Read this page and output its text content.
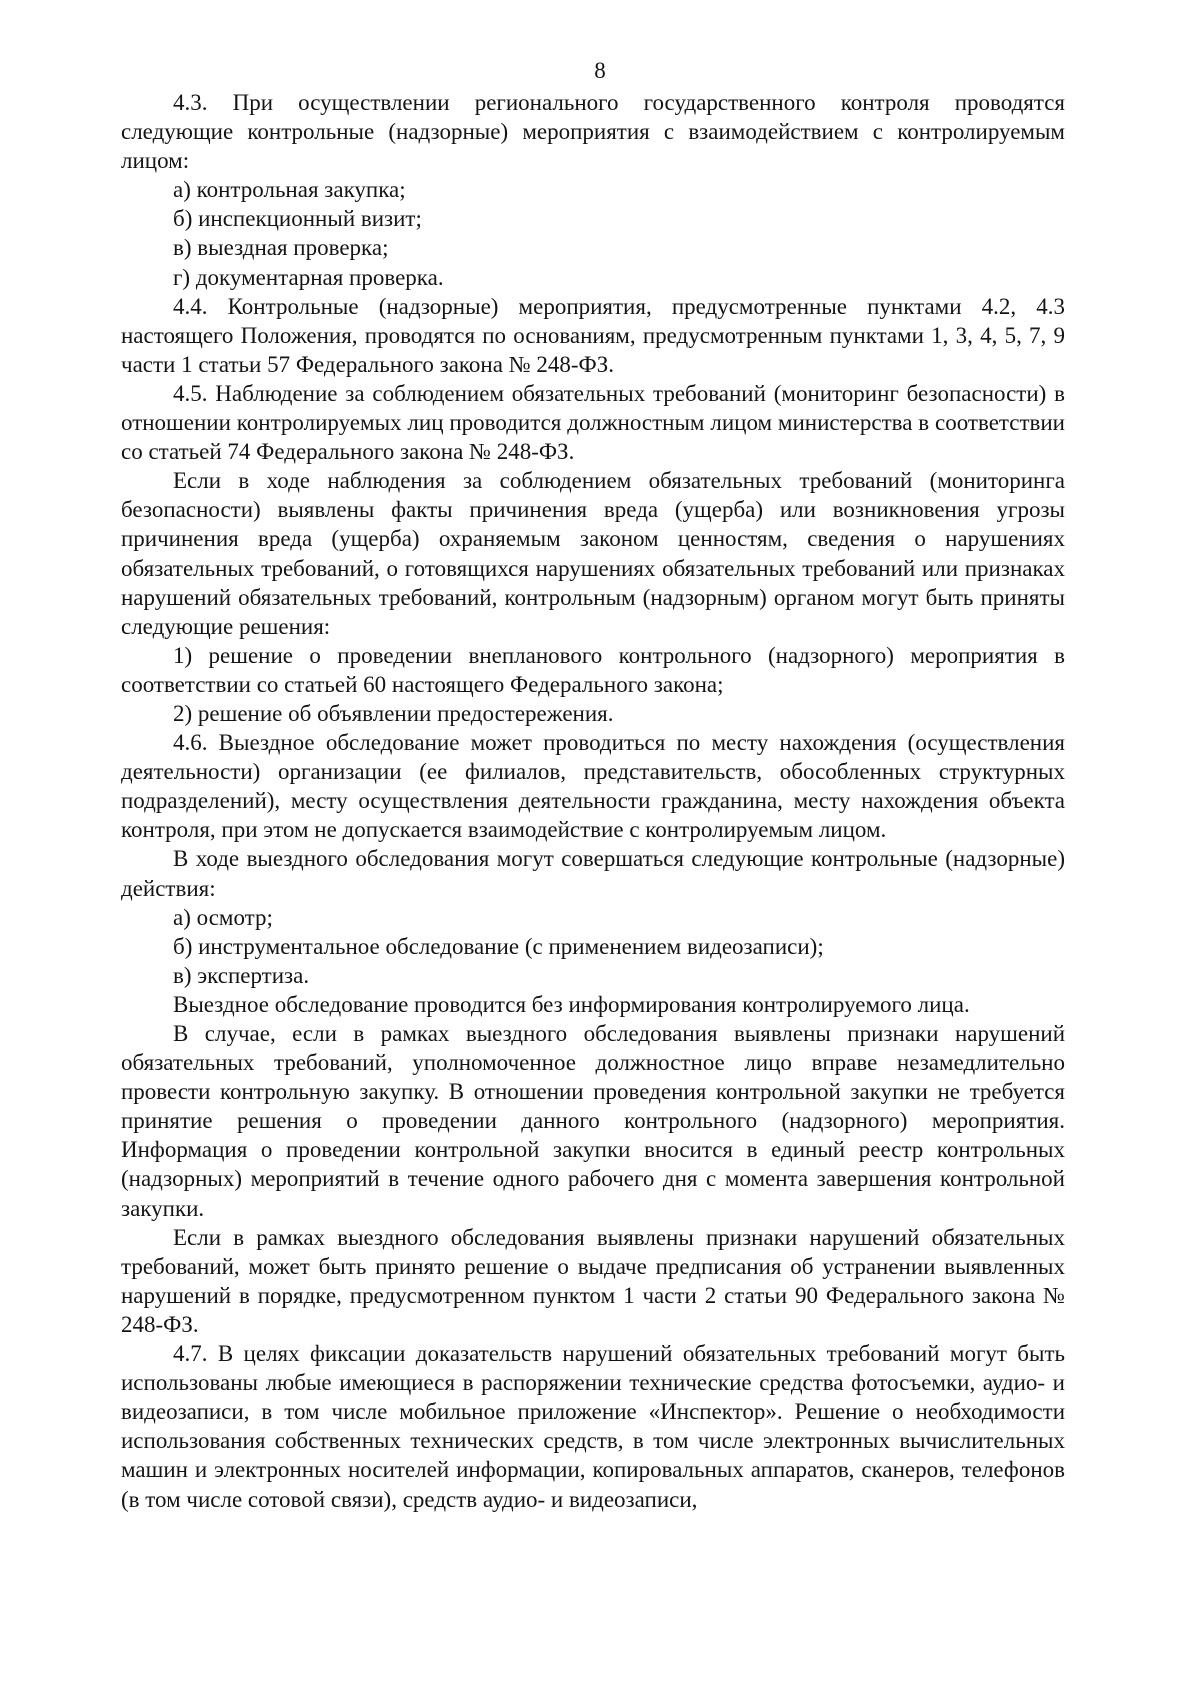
8

4.3. При осуществлении регионального государственного контроля проводятся следующие контрольные (надзорные) мероприятия с взаимодействием с контролируемым лицом:

а) контрольная закупка;

б) инспекционный визит;

в) выездная проверка;

г) документарная проверка.

4.4. Контрольные (надзорные) мероприятия, предусмотренные пунктами 4.2, 4.3 настоящего Положения, проводятся по основаниям, предусмотренным пунктами 1, 3, 4, 5, 7, 9 части 1 статьи 57 Федерального закона № 248-ФЗ.

4.5. Наблюдение за соблюдением обязательных требований (мониторинг безопасности) в отношении контролируемых лиц проводится должностным лицом министерства в соответствии со статьей 74 Федерального закона № 248-ФЗ.

Если в ходе наблюдения за соблюдением обязательных требований (мониторинга безопасности) выявлены факты причинения вреда (ущерба) или возникновения угрозы причинения вреда (ущерба) охраняемым законом ценностям, сведения о нарушениях обязательных требований, о готовящихся нарушениях обязательных требований или признаках нарушений обязательных требований, контрольным (надзорным) органом могут быть приняты следующие решения:

1) решение о проведении внепланового контрольного (надзорного) мероприятия в соответствии со статьей 60 настоящего Федерального закона;

2) решение об объявлении предостережения.

4.6. Выездное обследование может проводиться по месту нахождения (осуществления деятельности) организации (ее филиалов, представительств, обособленных структурных подразделений), месту осуществления деятельности гражданина, месту нахождения объекта контроля, при этом не допускается взаимодействие с контролируемым лицом.

В ходе выездного обследования могут совершаться следующие контрольные (надзорные) действия:

а) осмотр;

б) инструментальное обследование (с применением видеозаписи);

в) экспертиза.

Выездное обследование проводится без информирования контролируемого лица.

В случае, если в рамках выездного обследования выявлены признаки нарушений обязательных требований, уполномоченное должностное лицо вправе незамедлительно провести контрольную закупку. В отношении проведения контрольной закупки не требуется принятие решения о проведении данного контрольного (надзорного) мероприятия. Информация о проведении контрольной закупки вносится в единый реестр контрольных (надзорных) мероприятий в течение одного рабочего дня с момента завершения контрольной закупки.

Если в рамках выездного обследования выявлены признаки нарушений обязательных требований, может быть принято решение о выдаче предписания об устранении выявленных нарушений в порядке, предусмотренном пунктом 1 части 2 статьи 90 Федерального закона № 248-ФЗ.

4.7. В целях фиксации доказательств нарушений обязательных требований могут быть использованы любые имеющиеся в распоряжении технические средства фотосъемки, аудио- и видеозаписи, в том числе мобильное приложение «Инспектор». Решение о необходимости использования собственных технических средств, в том числе электронных вычислительных машин и электронных носителей информации, копировальных аппаратов, сканеров, телефонов (в том числе сотовой связи), средств аудио- и видеозаписи,
